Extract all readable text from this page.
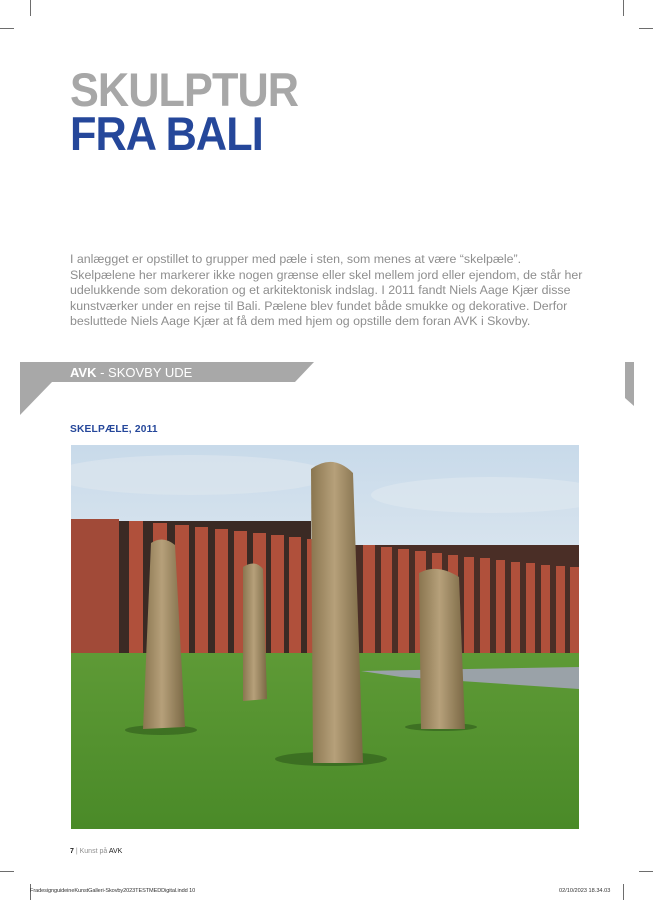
SKULPTUR
FRA BALI

I anlægget er opstillet to grupper med pæle i sten, som menes at være “skelpæle”. Skelpælene her markerer ikke nogen grænse eller skel mellem jord eller ejendom, de står her udelukkende som dekoration og et arkitektonisk indslag. I 2011 fandt Niels Aage Kjær disse kunstværker under en rejse til Bali. Pælene blev fundet både smukke og dekorative. Derfor besluttede Niels Aage Kjær at få dem med hjem og opstille dem foran AVK i Skovby.

AVK - SKOVBY UDE
SKELPÆLE, 2011
7 | Kunst på AVK
FradesignguideineKunstGalleri-Skovby2023TESTMEDDigital.indd 10	02/10/2023 18.34.03
